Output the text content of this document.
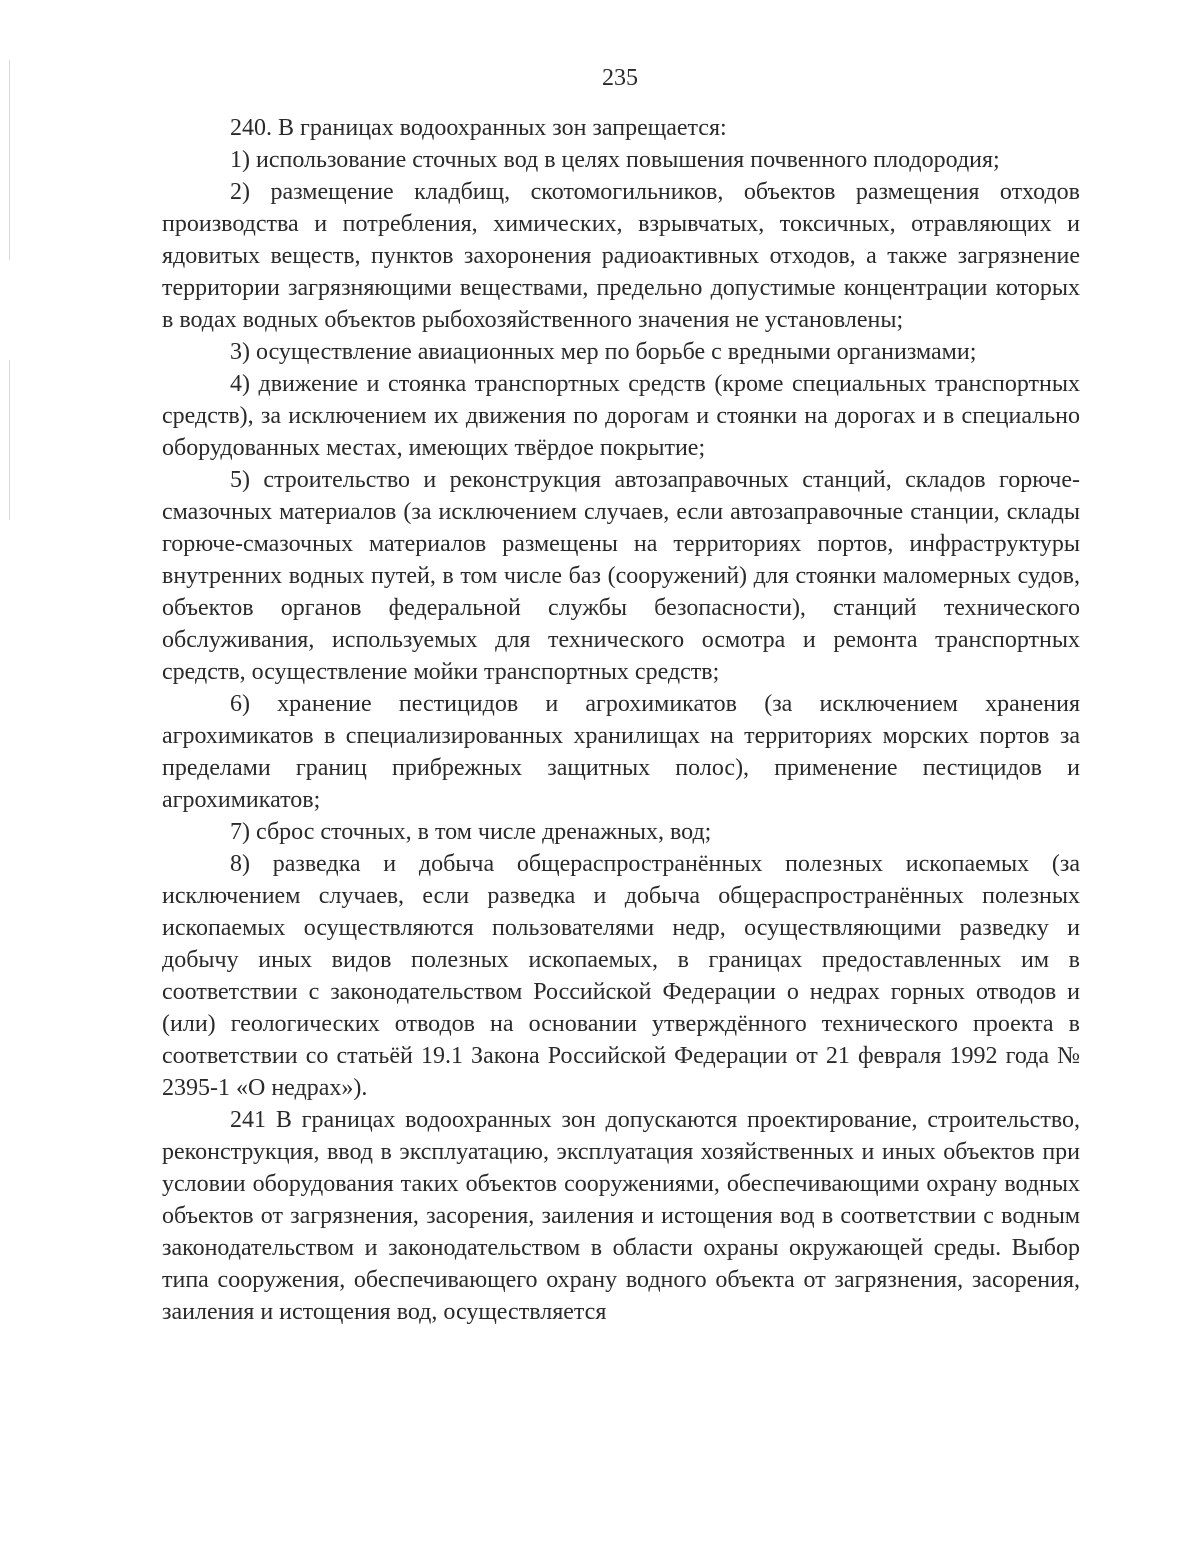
235

240. В границах водоохранных зон запрещается:

1) использование сточных вод в целях повышения почвенного плодородия;

2) размещение кладбищ, скотомогильников, объектов размещения отходов производства и потребления, химических, взрывчатых, токсичных, отравляющих и ядовитых веществ, пунктов захоронения радиоактивных отходов, а также загрязнение территории загрязняющими веществами, предельно допустимые концентрации которых в водах водных объектов рыбохозяйственного значения не установлены;

3) осуществление авиационных мер по борьбе с вредными организмами;

4) движение и стоянка транспортных средств (кроме специальных транспортных средств), за исключением их движения по дорогам и стоянки на дорогах и в специально оборудованных местах, имеющих твёрдое покрытие;

5) строительство и реконструкция автозаправочных станций, складов горюче-смазочных материалов (за исключением случаев, если автозаправочные станции, склады горюче-смазочных материалов размещены на территориях портов, инфраструктуры внутренних водных путей, в том числе баз (сооружений) для стоянки маломерных судов, объектов органов федеральной службы безопасности), станций технического обслуживания, используемых для технического осмотра и ремонта транспортных средств, осуществление мойки транспортных средств;

6) хранение пестицидов и агрохимикатов (за исключением хранения агрохимикатов в специализированных хранилищах на территориях морских портов за пределами границ прибрежных защитных полос), применение пестицидов и агрохимикатов;

7) сброс сточных, в том числе дренажных, вод;

8) разведка и добыча общераспространённых полезных ископаемых (за исключением случаев, если разведка и добыча общераспространённых полезных ископаемых осуществляются пользователями недр, осуществляющими разведку и добычу иных видов полезных ископаемых, в границах предоставленных им в соответствии с законодательством Российской Федерации о недрах горных отводов и (или) геологических отводов на основании утверждённого технического проекта в соответствии со статьёй 19.1 Закона Российской Федерации от 21 февраля 1992 года № 2395-1 «О недрах»).

241 В границах водоохранных зон допускаются проектирование, строительство, реконструкция, ввод в эксплуатацию, эксплуатация хозяйственных и иных объектов при условии оборудования таких объектов сооружениями, обеспечивающими охрану водных объектов от загрязнения, засорения, заиления и истощения вод в соответствии с водным законодательством и законодательством в области охраны окружающей среды. Выбор типа сооружения, обеспечивающего охрану водного объекта от загрязнения, засорения, заиления и истощения вод, осуществляется
